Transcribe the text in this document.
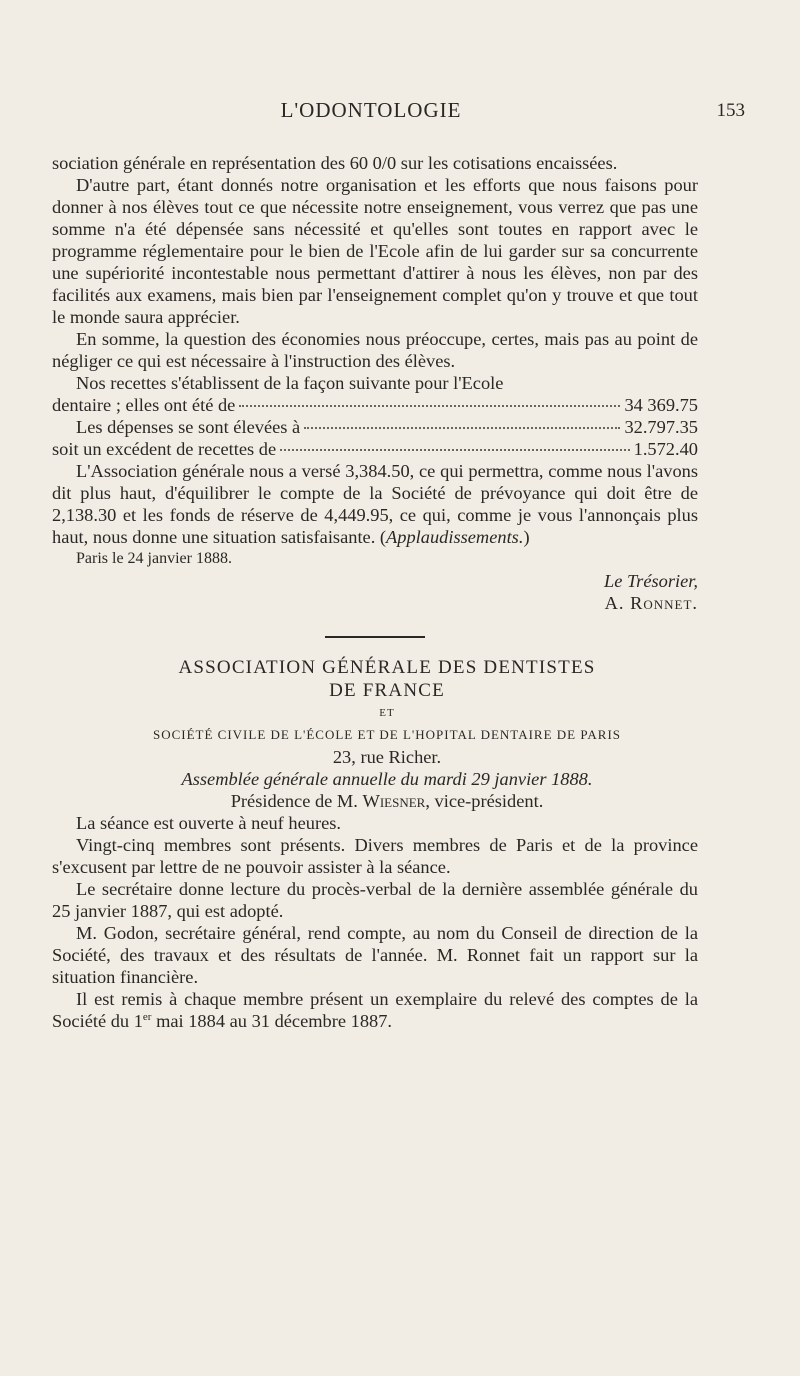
L'ODONTOLOGIE	153

sociation générale en représentation des 60 0/0 sur les cotisations encaissées.

D'autre part, étant donnés notre organisation et les efforts que nous faisons pour donner à nos élèves tout ce que nécessite notre enseignement, vous verrez que pas une somme n'a été dépensée sans nécessité et qu'elles sont toutes en rapport avec le programme réglementaire pour le bien de l'Ecole afin de lui garder sur sa concurrente une supériorité incontestable nous permettant d'attirer à nous les élèves, non par des facilités aux examens, mais bien par l'enseignement complet qu'on y trouve et que tout le monde saura apprécier.

En somme, la question des économies nous préoccupe, certes, mais pas au point de négliger ce qui est nécessaire à l'instruction des élèves.

Nos recettes s'établissent de la façon suivante pour l'Ecole

dentaire ; elles ont été de	34 369.75
Les dépenses se sont élevées à	32.797.35
soit un excédent de recettes de	1.572.40

L'Association générale nous a versé 3,384.50, ce qui permettra, comme nous l'avons dit plus haut, d'équilibrer le compte de la Société de prévoyance qui doit être de 2,138.30 et les fonds de réserve de 4,449.95, ce qui, comme je vous l'annonçais plus haut, nous donne une situation satisfaisante. (Applaudissements.)

Paris le 24 janvier 1888.

Le Trésorier,

A. Ronnet.

ASSOCIATION GÉNÉRALE DES DENTISTES

DE FRANCE

ET

SOCIÉTÉ CIVILE DE L'ÉCOLE ET DE L'HOPITAL DENTAIRE DE PARIS

23, rue Richer.

Assemblée générale annuelle du mardi 29 janvier 1888.

Présidence de M. Wiesner, vice-président.

La séance est ouverte à neuf heures.

Vingt-cinq membres sont présents. Divers membres de Paris et de la province s'excusent par lettre de ne pouvoir assister à la séance.

Le secrétaire donne lecture du procès-verbal de la dernière assemblée générale du 25 janvier 1887, qui est adopté.

M. Godon, secrétaire général, rend compte, au nom du Conseil de direction de la Société, des travaux et des résultats de l'année. M. Ronnet fait un rapport sur la situation financière.

Il est remis à chaque membre présent un exemplaire du relevé des comptes de la Société du 1er mai 1884 au 31 décembre 1887.
